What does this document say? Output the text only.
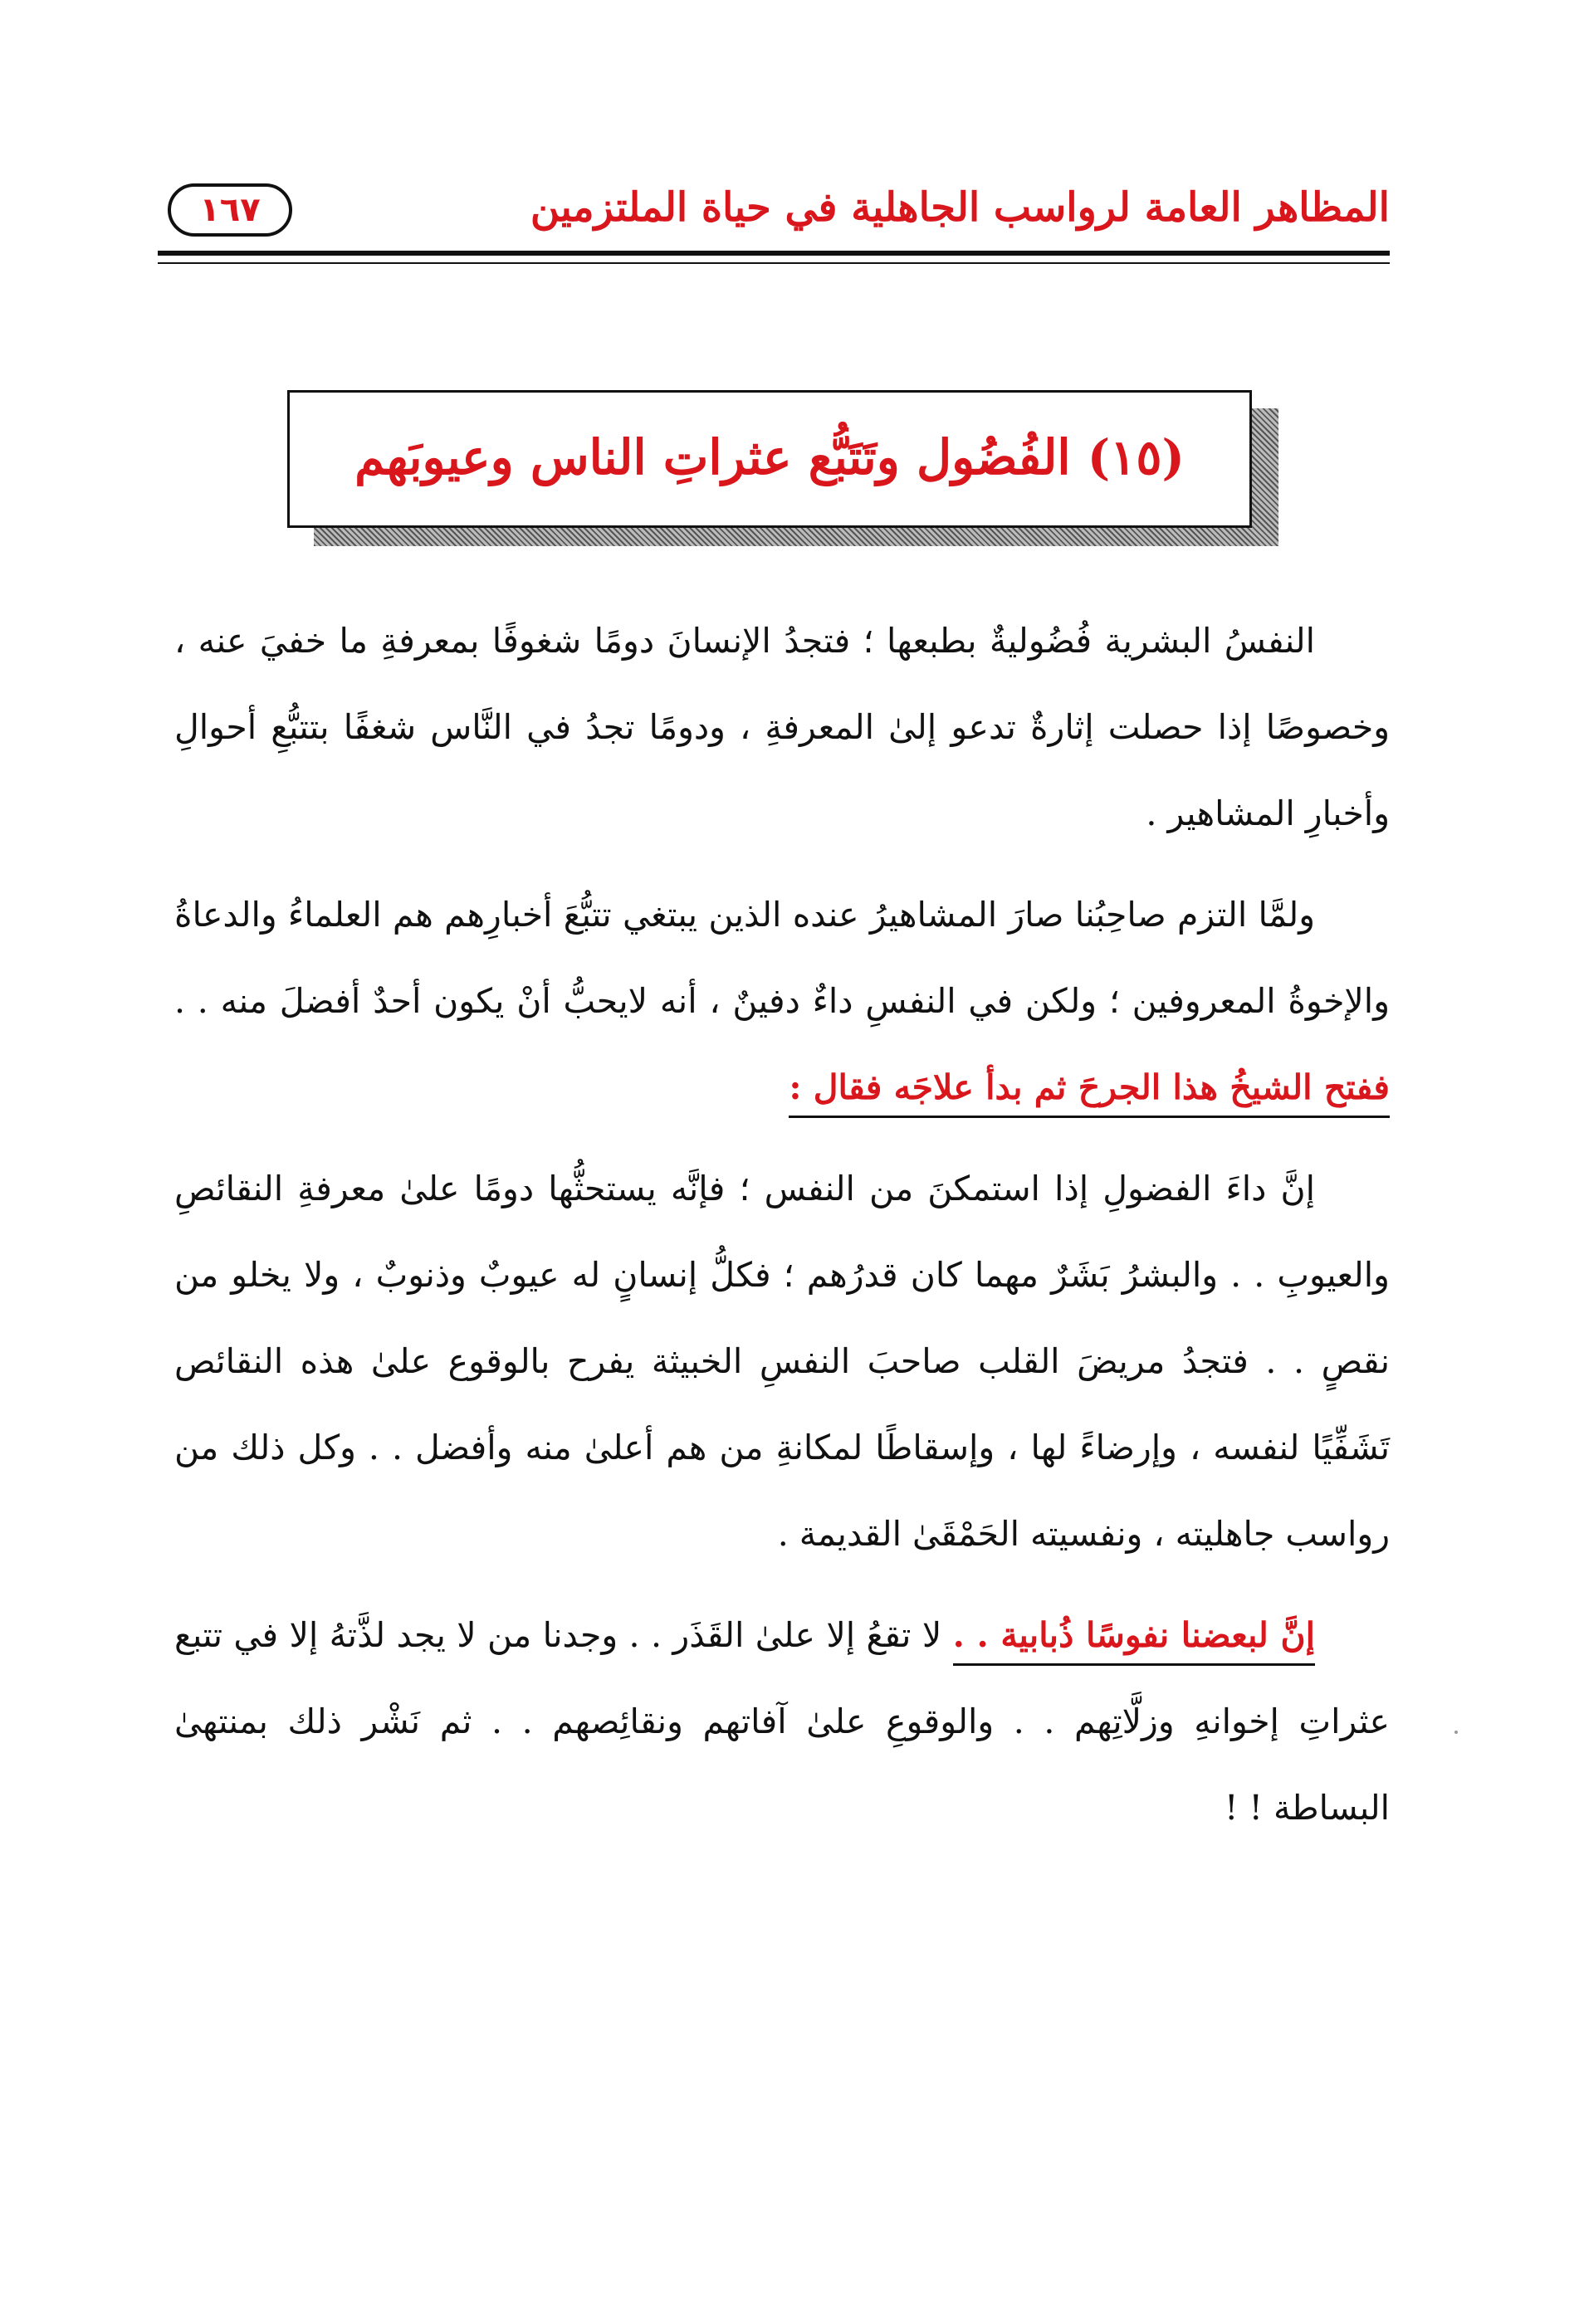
المظاهر العامة لرواسب الجاهلية في حياة الملتزمين
١٦٧
(١٥) الفُضُول وتَتَبُّع عثراتِ الناس وعيوبَهم

النفسُ البشرية فُضُوليةٌ بطبعها ؛ فتجدُ الإنسانَ دومًا شغوفًا بمعرفةِ ما خفيَ عنه ، وخصوصًا إذا حصلت إثارةٌ تدعو إلىٰ المعرفةِ ، ودومًا تجدُ في النَّاس شغفًا بتتبُّعِ أحوالِ وأخبارِ المشاهير .

ولمَّا التزم صاحِبُنا صارَ المشاهيرُ عنده الذين يبتغي تتبُّعَ أخبارِهم هم العلماءُ والدعاةُ والإخوةُ المعروفين ؛ ولكن في النفسِ داءٌ دفينٌ ، أنه لايحبُّ أنْ يكون أحدٌ أفضلَ منه . . ففتح الشيخُ هذا الجرحَ ثم بدأ علاجَه فقال :

إنَّ داءَ الفضولِ إذا استمكنَ من النفس ؛ فإنَّه يستحثُّها دومًا علىٰ معرفةِ النقائصِ والعيوبِ . . والبشرُ بَشَرٌ مهما كان قدرُهم ؛ فكلُّ إنسانٍ له عيوبٌ وذنوبٌ ، ولا يخلو من نقصٍ . . فتجدُ مريضَ القلب صاحبَ النفسِ الخبيثة يفرح بالوقوع علىٰ هذه النقائص تَشَفِّيًا لنفسه ، وإرضاءً لها ، وإسقاطًا لمكانةِ من هم أعلىٰ منه وأفضل . . وكل ذلك من رواسب جاهليته ، ونفسيته الحَمْقَىٰ القديمة .

إنَّ لبعضنا نفوسًا ذُبابية . . لا تقعُ إلا علىٰ القَذَر . . وجدنا من لا يجد لذَّتهُ إلا في تتبع عثراتِ إخوانهِ وزلَّاتِهم . . والوقوعِ علىٰ آفاتهم ونقائِصهم . . ثم نَشْر ذلك بمنتهىٰ البساطة ! !
